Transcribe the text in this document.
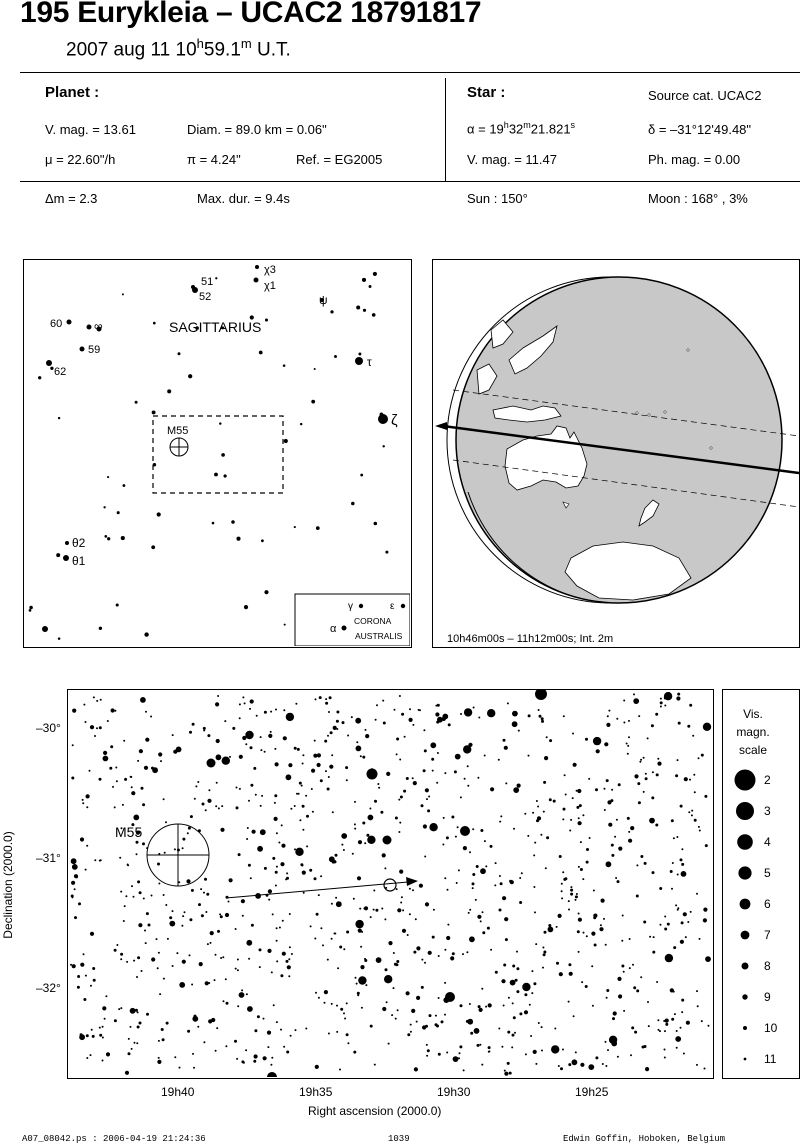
195 Eurykleia – UCAC2 18791817
2007 aug 11 10$^h$59.1$^m$ U.T.
Planet :
V. mag. = 13.61	Diam. = 89.0 km = 0.06"
μ = 22.60"/h	π = 4.24"	Ref. = EG2005
Δm = 2.3	Max. dur. = 9.4s
Star :	Source cat. UCAC2
$\alpha = 19^h32^m21.821^s$	δ = –31°12'49.48"
V. mag. = 11.47	Ph. mag. = 0.00
Sun : 150°	Moon : 168° , 3%
SAGITTARIUS
M55
51
52
χ3
χ1
ψ
60	∞
59
62
τ
ζ
θ2
θ1
γ	ε
α
CORONA
AUSTRALIS	10h46m00s – 11h12m00s; Int. 2m
M55
–30°
–31°
–32°
19h40	19h35	19h30	19h25
Right ascension (2000.0)
Declination (2000.0)
Vis.
magn.
scale
2
3
4
5
6
7
8
9
10
11
A07_08042.ps : 2006-04-19 21:24:36	1039	Edwin Goffin, Hoboken, Belgium
